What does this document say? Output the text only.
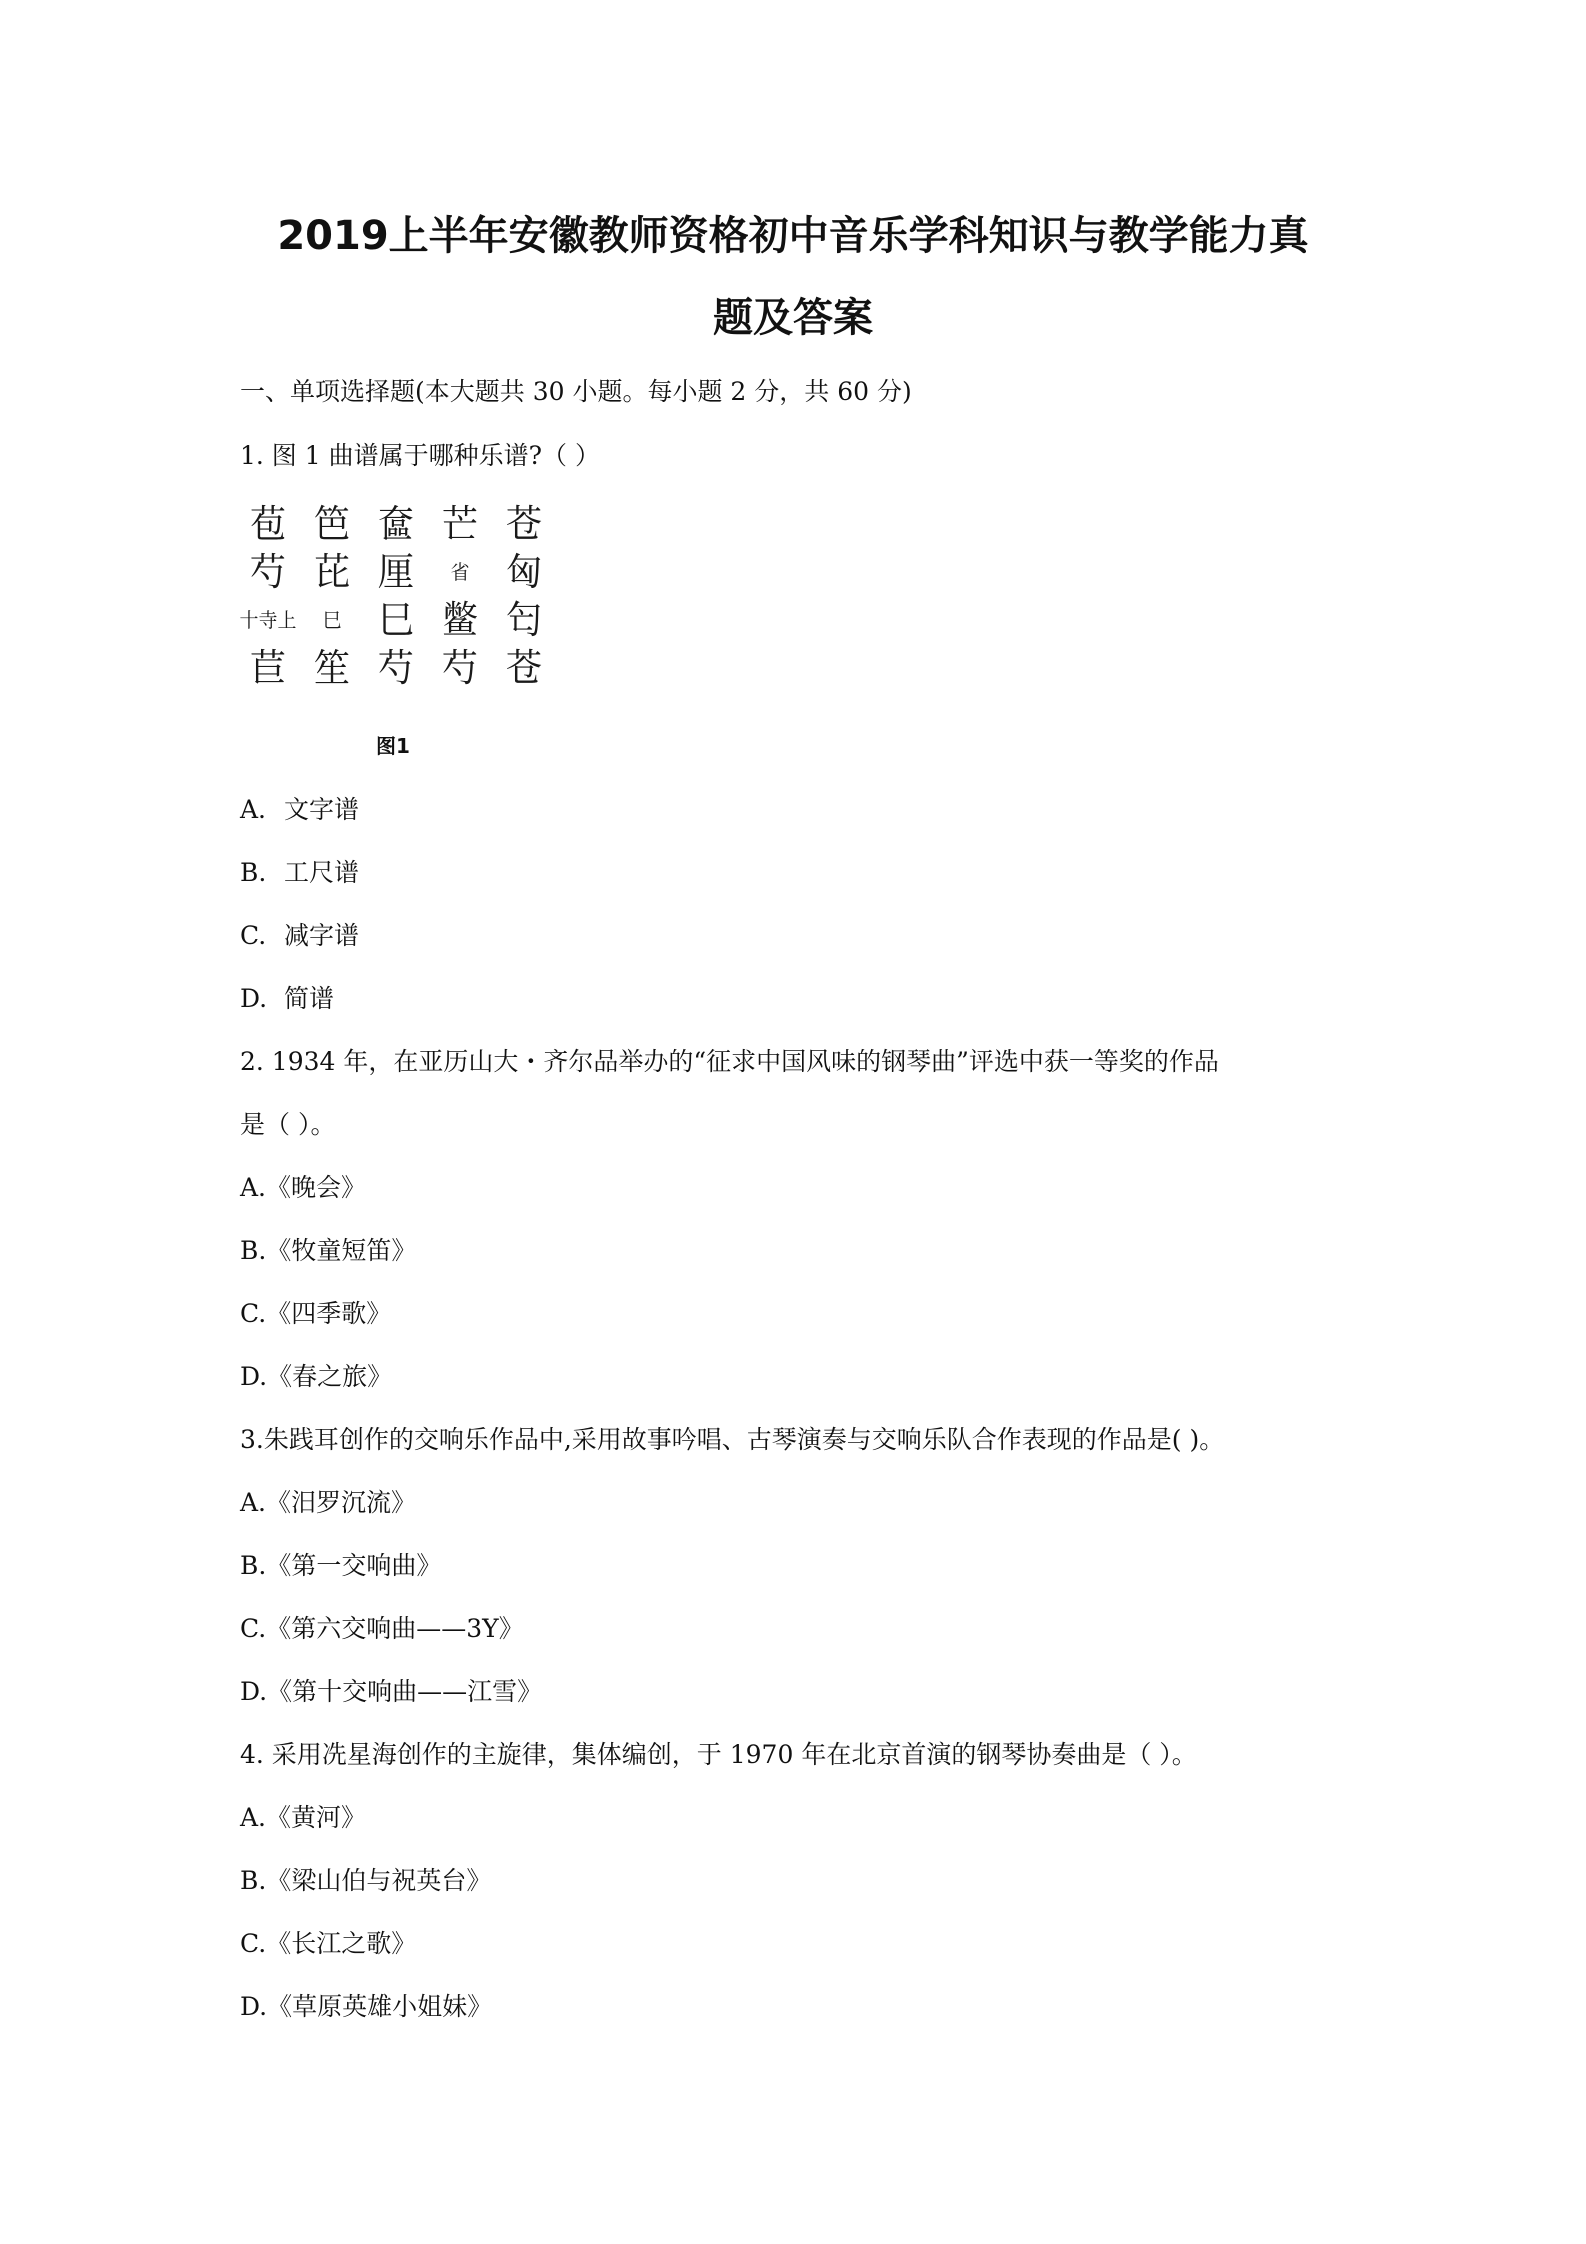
2019上半年安徽教师资格初中音乐学科知识与教学能力真
题及答案
一、单项选择题(本大题共 30 小题。每小题 2 分，共 60 分)
1. 图 1 曲谱属于哪种乐谱?（ ）
苞 笆 奩 芒 苍
芍 芘 厘	省 匈
十寺上	巳 巳 鳖 匄
苣 笙 芍 芍 苍
图1
A. 文字谱
B. 工尺谱
C. 减字谱
D. 简谱
2. 1934 年，在亚历山大・齐尔品举办的“征求中国风味的钢琴曲”评选中获一等奖的作品
是（ ）。
A.《晚会》
B.《牧童短笛》
C.《四季歌》
D.《春之旅》
3.朱践耳创作的交响乐作品中,采用故事吟唱、古琴演奏与交响乐队合作表现的作品是( )。
A.《汨罗沉流》
B.《第一交响曲》
C.《第六交响曲——3Y》
D.《第十交响曲——江雪》
4. 采用冼星海创作的主旋律，集体编创，于 1970 年在北京首演的钢琴协奏曲是（ ）。
A.《黄河》
B.《梁山伯与祝英台》
C.《长江之歌》
D.《草原英雄小姐妹》
